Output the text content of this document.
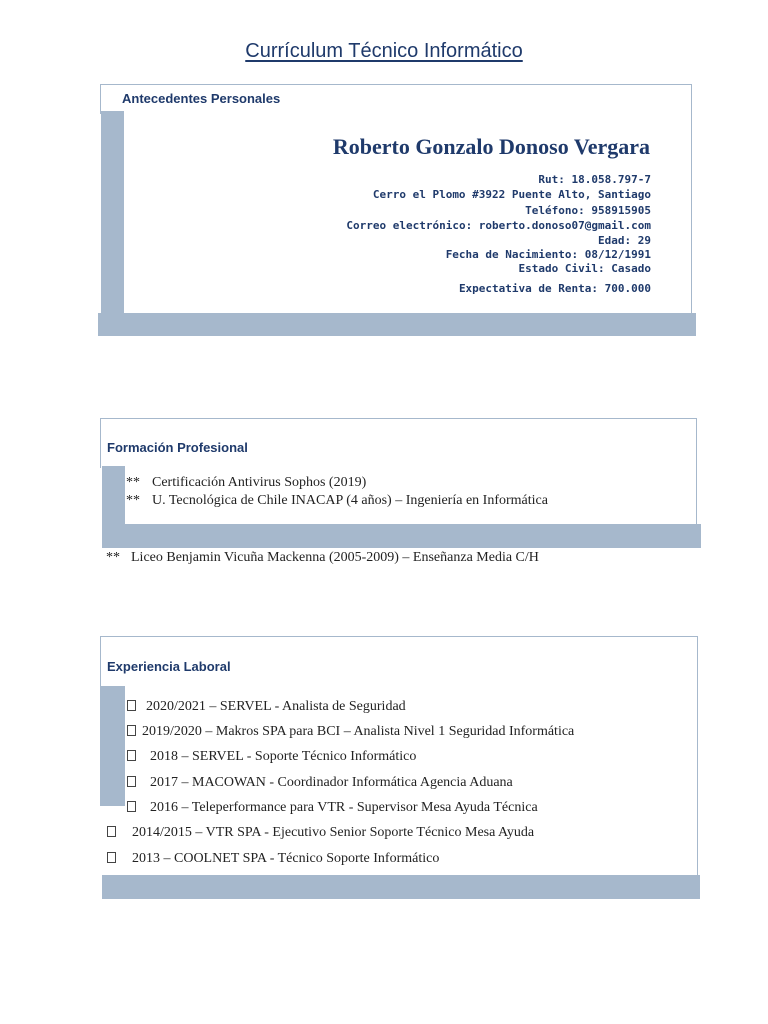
Currículum Técnico Informático
Antecedentes Personales
Roberto Gonzalo Donoso Vergara
Rut: 18.058.797-7
Cerro el Plomo #3922 Puente Alto, Santiago
Teléfono: 958915905
Correo electrónico: roberto.donoso07@gmail.com
Edad: 29
Fecha de Nacimiento: 08/12/1991
Estado Civil: Casado
Expectativa de Renta: 700.000
Formación Profesional
** Certificación Antivirus Sophos (2019)
** U. Tecnológica de Chile INACAP (4 años) – Ingeniería en Informática
** Liceo Benjamin Vicuña Mackenna (2005-2009) – Enseñanza Media C/H
Experiencia Laboral
2020/2021 – SERVEL - Analista de Seguridad
2019/2020 – Makros SPA para BCI – Analista Nivel 1 Seguridad Informática
2018 – SERVEL - Soporte Técnico Informático
2017 – MACOWAN - Coordinador Informática Agencia Aduana
2016 – Teleperformance para VTR - Supervisor Mesa Ayuda Técnica
2014/2015 – VTR SPA - Ejecutivo Senior Soporte Técnico Mesa Ayuda
2013 – COOLNET SPA - Técnico Soporte Informático
